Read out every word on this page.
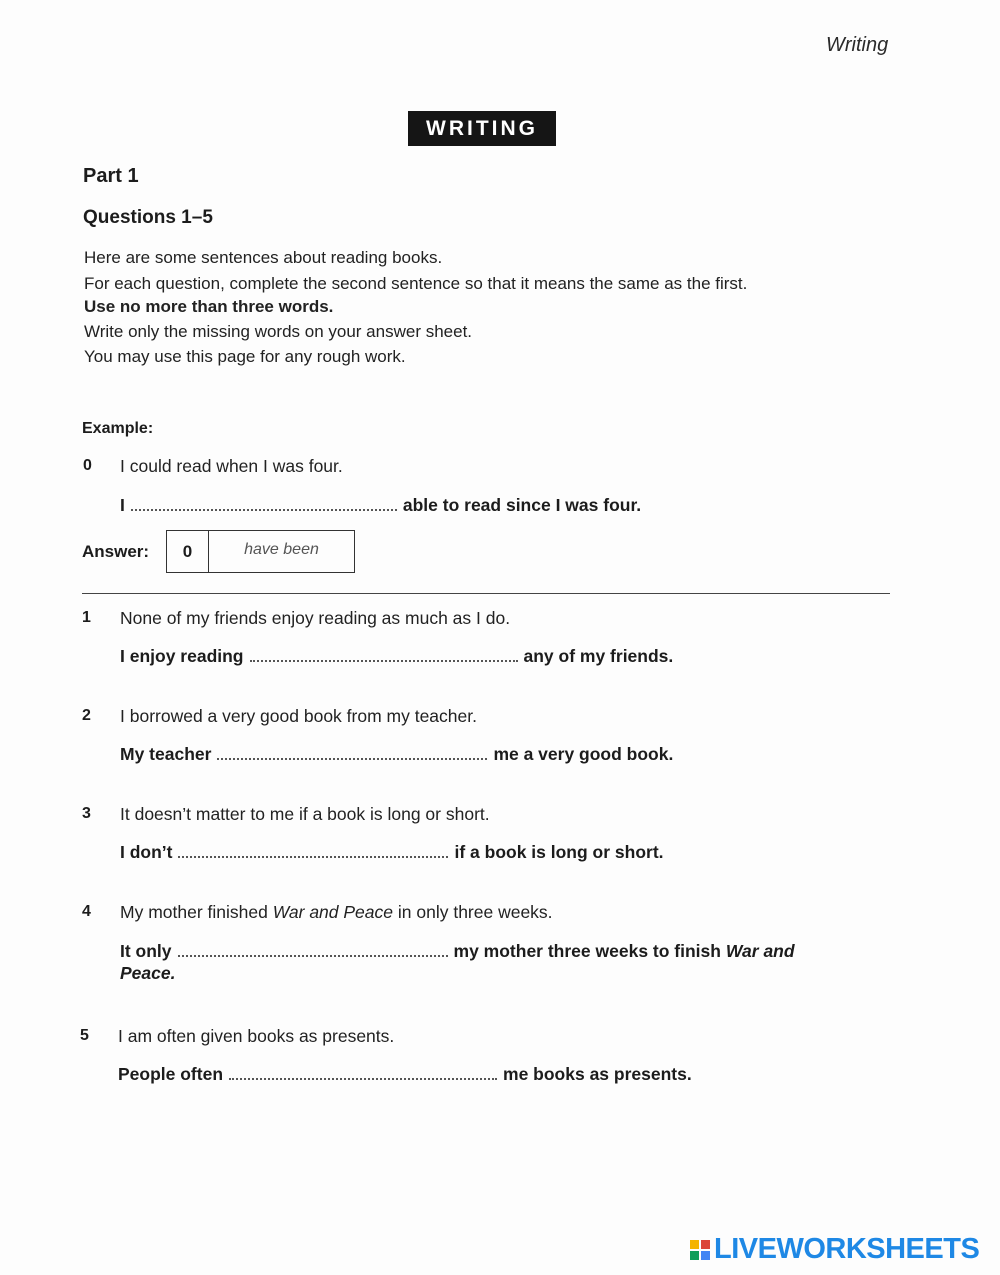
Writing
WRITING
Part 1
Questions 1–5
Here are some sentences about reading books.
For each question, complete the second sentence so that it means the same as the first.
Use no more than three words.
Write only the missing words on your answer sheet.
You may use this page for any rough work.
Example:
0 I could read when I was four.
I	able to read since I was four.
Answer:	0	have been
1 None of my friends enjoy reading as much as I do.
I enjoy reading	any of my friends.
2 I borrowed a very good book from my teacher.
My teacher	me a very good book.
3 It doesn’t matter to me if a book is long or short.
I don’t	if a book is long or short.
4 My mother finished War and Peace in only three weeks.
It only	my mother three weeks to finish War and
Peace.
5 I am often given books as presents.
People often	me books as presents.
LIVEWORKSHEETS
